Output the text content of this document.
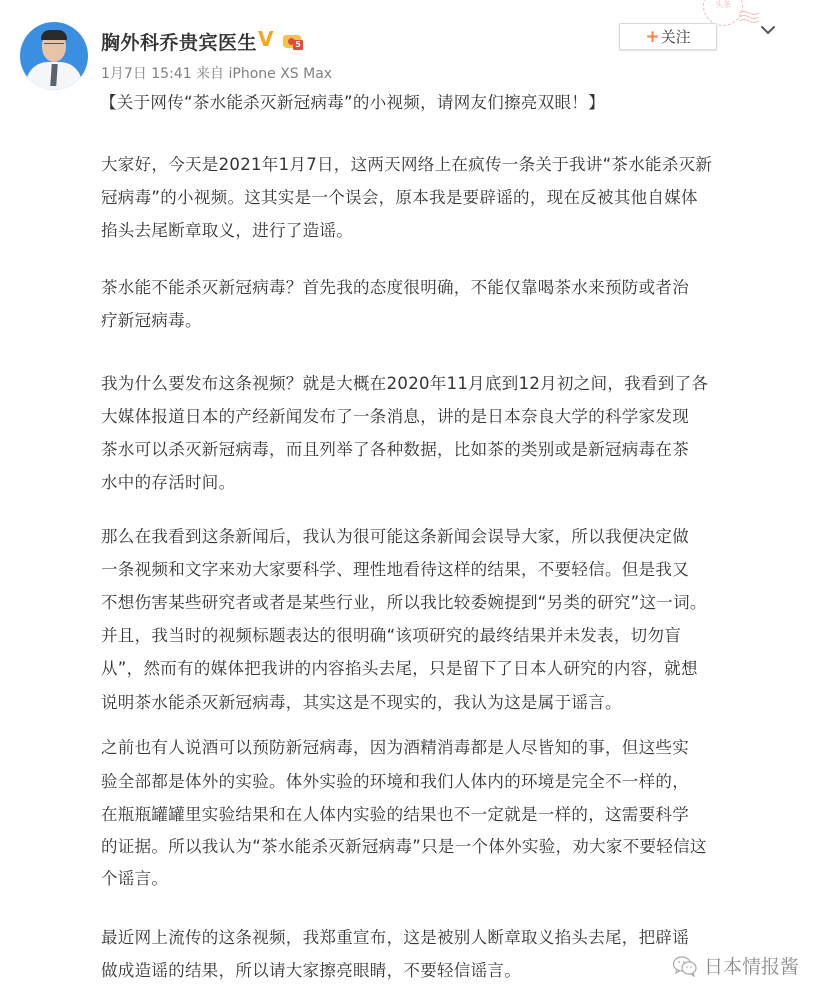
胸外科乔贵宾医生 V	5
1月7日 15:41 来自 iPhone XS Max
头条
+ 关注
【关于网传“茶水能杀灭新冠病毒”的小视频，请网友们擦亮双眼！】
大家好，今天是2021年1月7日，这两天网络上在疯传一条关于我讲“茶水能杀灭新
冠病毒”的小视频。这其实是一个误会，原本我是要辟谣的，现在反被其他自媒体
掐头去尾断章取义，进行了造谣。
茶水能不能杀灭新冠病毒？首先我的态度很明确，不能仅靠喝茶水来预防或者治
疗新冠病毒。
我为什么要发布这条视频？就是大概在2020年11月底到12月初之间，我看到了各
大媒体报道日本的产经新闻发布了一条消息，讲的是日本奈良大学的科学家发现
茶水可以杀灭新冠病毒，而且列举了各种数据，比如茶的类别或是新冠病毒在茶
水中的存活时间。
那么在我看到这条新闻后，我认为很可能这条新闻会误导大家，所以我便决定做
一条视频和文字来劝大家要科学、理性地看待这样的结果，不要轻信。但是我又
不想伤害某些研究者或者是某些行业，所以我比较委婉提到“另类的研究”这一词。
并且，我当时的视频标题表达的很明确“该项研究的最终结果并未发表，切勿盲
从”，然而有的媒体把我讲的内容掐头去尾，只是留下了日本人研究的内容，就想
说明茶水能杀灭新冠病毒，其实这是不现实的，我认为这是属于谣言。
之前也有人说酒可以预防新冠病毒，因为酒精消毒都是人尽皆知的事，但这些实
验全部都是体外的实验。体外实验的环境和我们人体内的环境是完全不一样的，
在瓶瓶罐罐里实验结果和在人体内实验的结果也不一定就是一样的，这需要科学
的证据。所以我认为“茶水能杀灭新冠病毒”只是一个体外实验，劝大家不要轻信这
个谣言。
最近网上流传的这条视频，我郑重宣布，这是被别人断章取义掐头去尾，把辟谣
做成造谣的结果，所以请大家擦亮眼睛，不要轻信谣言。	日本情报酱
